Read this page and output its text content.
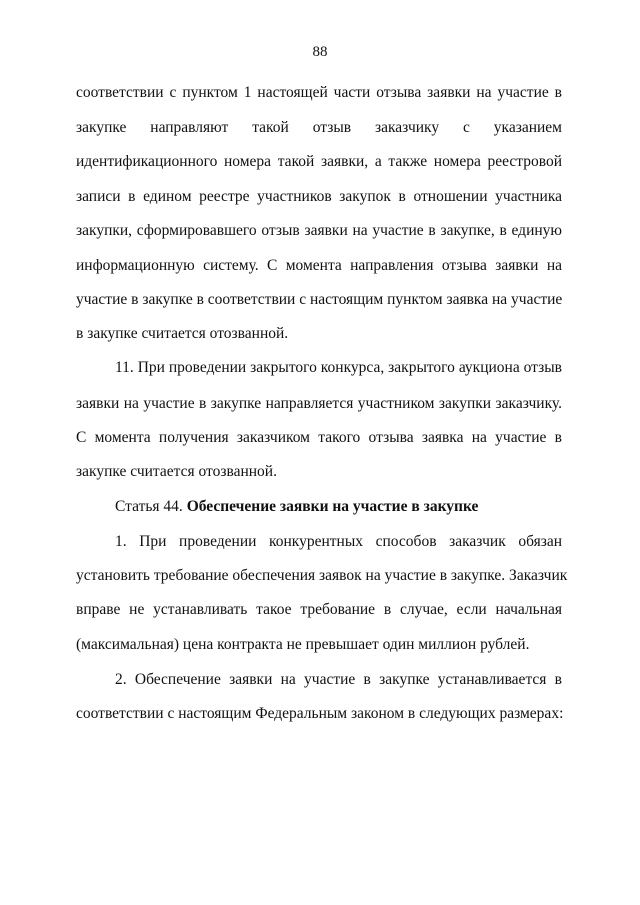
88
соответствии с пунктом 1 настоящей части отзыва заявки на участие в
закупке направляют такой отзыв заказчику с указанием
идентификационного номера такой заявки, а также номера реестровой
записи в едином реестре участников закупок в отношении участника
закупки, сформировавшего отзыв заявки на участие в закупке, в единую
информационную систему. С момента направления отзыва заявки на
участие в закупке в соответствии с настоящим пунктом заявка на участие
в закупке считается отозванной.
11. При проведении закрытого конкурса, закрытого аукциона отзыв
заявки на участие в закупке направляется участником закупки заказчику.
С момента получения заказчиком такого отзыва заявка на участие в
закупке считается отозванной.
Статья 44. Обеспечение заявки на участие в закупке
1. При проведении конкурентных способов заказчик обязан
установить требование обеспечения заявок на участие в закупке. Заказчик
вправе не устанавливать такое требование в случае, если начальная
(максимальная) цена контракта не превышает один миллион рублей.
2. Обеспечение заявки на участие в закупке устанавливается в
соответствии с настоящим Федеральным законом в следующих размерах:
